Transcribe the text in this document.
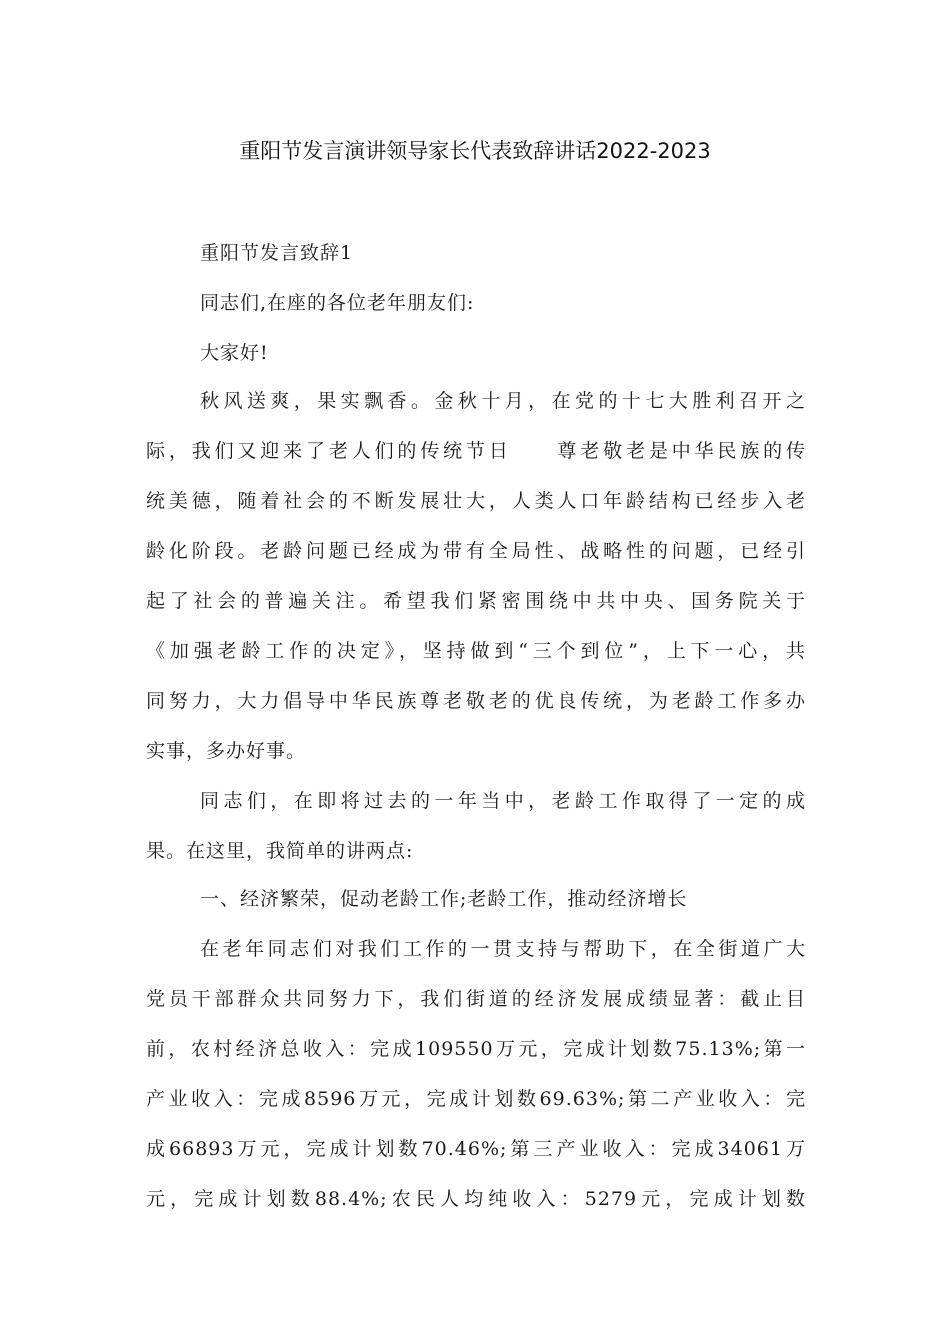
重阳节发言演讲领导家长代表致辞讲话2022-2023
重阳节发言致辞1
同志们,在座的各位老年朋友们:
大家好!
秋风送爽，果实飘香。金秋十月，在党的十七大胜利召开之
际，我们又迎来了老人们的传统节日　　尊老敬老是中华民族的传
统美德，随着社会的不断发展壮大，人类人口年龄结构已经步入老
龄化阶段。老龄问题已经成为带有全局性、战略性的问题，已经引
起了社会的普遍关注。希望我们紧密围绕中共中央、国务院关于
《加强老龄工作的决定》，坚持做到“三个到位”，上下一心，共
同努力，大力倡导中华民族尊老敬老的优良传统，为老龄工作多办
实事，多办好事。
同志们，在即将过去的一年当中，老龄工作取得了一定的成
果。在这里，我简单的讲两点:
一、经济繁荣，促动老龄工作;老龄工作，推动经济增长
在老年同志们对我们工作的一贯支持与帮助下，在全街道广大
党员干部群众共同努力下，我们街道的经济发展成绩显著：截止目
前，农村经济总收入：完成109550万元，完成计划数75.13%;第一
产业收入：完成8596万元，完成计划数69.63%;第二产业收入：完
成66893万元，完成计划数70.46%;第三产业收入：完成34061万
元，完成计划数88.4%;农民人均纯收入：5279元，完成计划数
